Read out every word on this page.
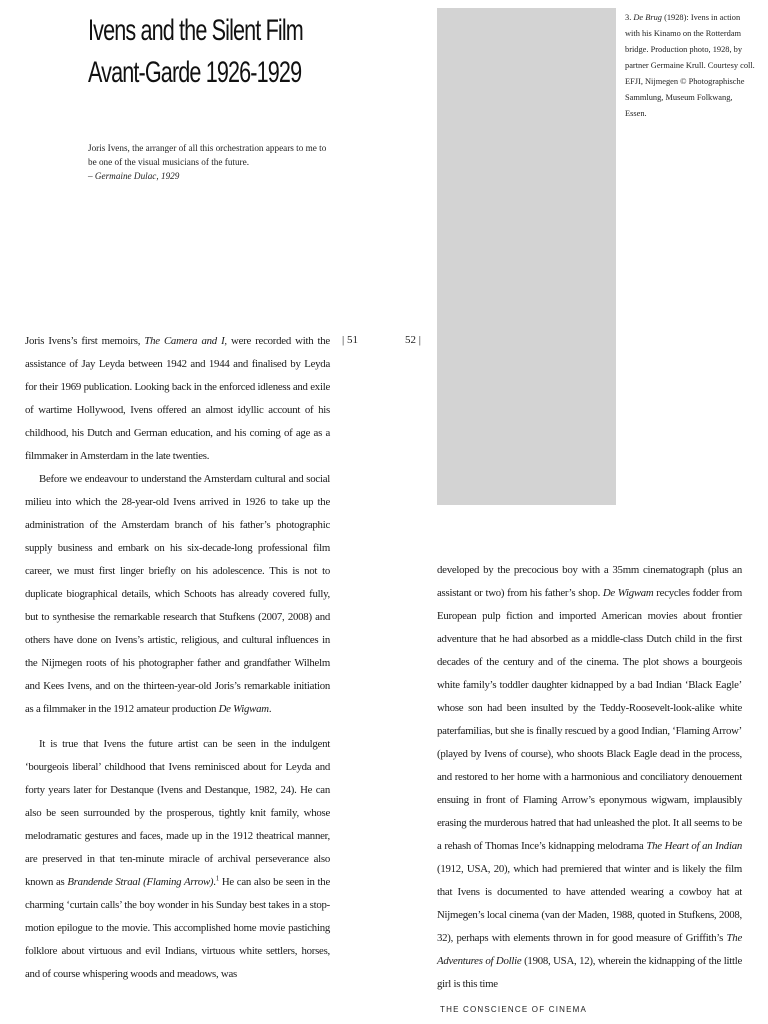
Ivens and the Silent Film
Avant-Garde 1926-1929
Joris Ivens, the arranger of all this orchestration appears to me to be one of the visual musicians of the future.
– Germaine Dulac, 1929
3. De Brug (1928): Ivens in action with his Kinamo on the Rotterdam bridge. Production photo, 1928, by partner Germaine Krull. Courtesy coll. EFJI, Nijmegen © Photographische Sammlung, Museum Folkwang, Essen.
| 51	52 |

Joris Ivens’s first memoirs, The Camera and I, were recorded with the assistance of Jay Leyda between 1942 and 1944 and finalised by Leyda for their 1969 publication. Looking back in the enforced idleness and exile of wartime Hollywood, Ivens offered an almost idyllic account of his childhood, his Dutch and German education, and his coming of age as a filmmaker in Amsterdam in the late twenties.

Before we endeavour to understand the Amsterdam cultural and social milieu into which the 28-year-old Ivens arrived in 1926 to take up the administration of the Amsterdam branch of his father’s photographic supply business and embark on his six-decade-long professional film career, we must first linger briefly on his adolescence. This is not to duplicate biographical details, which Schoots has already covered fully, but to synthesise the remarkable research that Stufkens (2007, 2008) and others have done on Ivens’s artistic, religious, and cultural influences in the Nijmegen roots of his photographer father and grandfather Wilhelm and Kees Ivens, and on the thirteen-year-old Joris’s remarkable initiation as a filmmaker in the 1912 amateur production De Wigwam.

It is true that Ivens the future artist can be seen in the indulgent ‘bourgeois liberal’ childhood that Ivens reminisced about for Leyda and forty years later for Destanque (Ivens and Destanque, 1982, 24). He can also be seen surrounded by the prosperous, tightly knit family, whose melodramatic gestures and faces, made up in the 1912 theatrical manner, are preserved in that ten-minute miracle of archival perseverance also known as Brandende Straal (Flaming Arrow).$^1$ He can also be seen in the charming ‘curtain calls’ the boy wonder in his Sunday best takes in a stop-motion epilogue to the movie. This accomplished home movie pastiching folklore about virtuous and evil Indians, virtuous white settlers, horses, and of course whispering woods and meadows, was

developed by the precocious boy with a 35mm cinematograph (plus an assistant or two) from his father’s shop. De Wigwam recycles fodder from European pulp fiction and imported American movies about frontier adventure that he had absorbed as a middle-class Dutch child in the first decades of the century and of the cinema. The plot shows a bourgeois white family’s toddler daughter kidnapped by a bad Indian ‘Black Eagle’ whose son had been insulted by the Teddy-Roosevelt-look-alike white paterfamilias, but she is finally rescued by a good Indian, ‘Flaming Arrow’ (played by Ivens of course), who shoots Black Eagle dead in the process, and restored to her home with a harmonious and conciliatory denouement ensuing in front of Flaming Arrow’s eponymous wigwam, implausibly erasing the murderous hatred that had unleashed the plot. It all seems to be a rehash of Thomas Ince’s kidnapping melodrama The Heart of an Indian (1912, USA, 20), which had premiered that winter and is likely the film that Ivens is documented to have attended wearing a cowboy hat at Nijmegen’s local cinema (van der Maden, 1988, quoted in Stufkens, 2008, 32), perhaps with elements thrown in for good measure of Griffith’s The Adventures of Dollie (1908, USA, 12), wherein the kidnapping of the little girl is this time

THE CONSCIENCE OF CINEMA
